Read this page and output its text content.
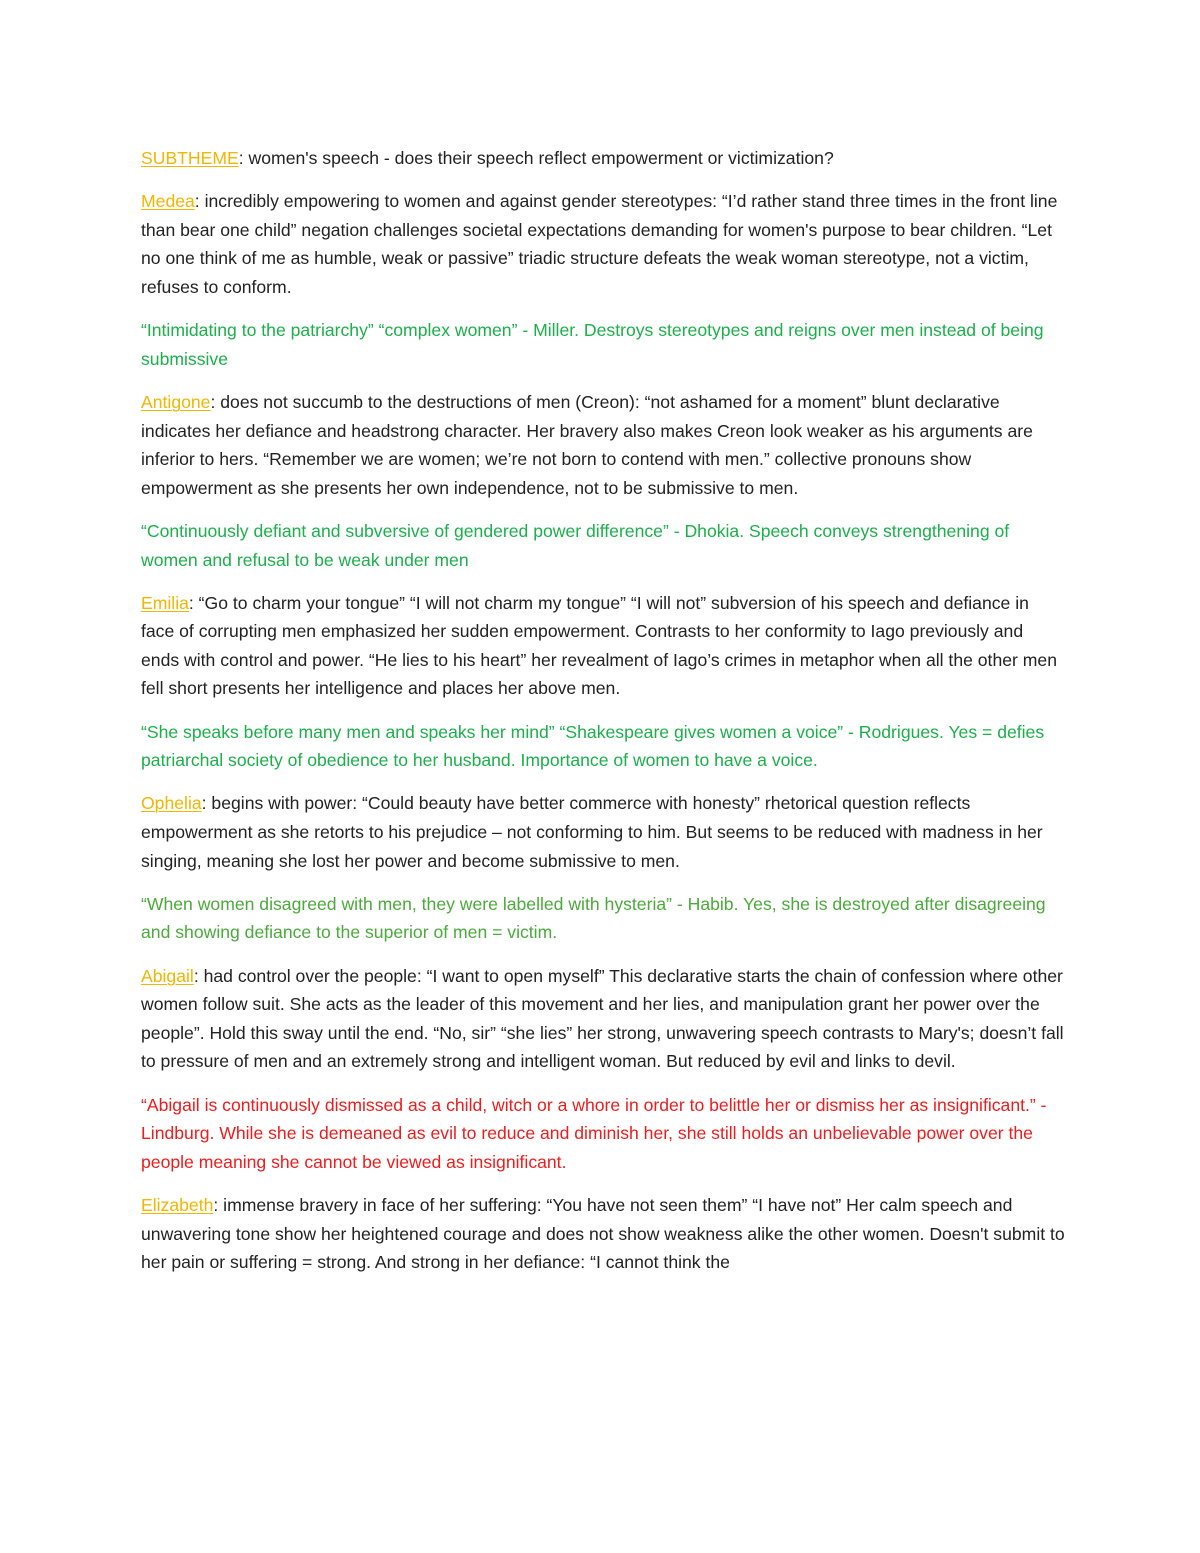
SUBTHEME: women's speech - does their speech reflect empowerment or victimization?

Medea: incredibly empowering to women and against gender stereotypes: “I’d rather stand three times in the front line than bear one child” negation challenges societal expectations demanding for women's purpose to bear children. “Let no one think of me as humble, weak or passive” triadic structure defeats the weak woman stereotype, not a victim, refuses to conform.

“Intimidating to the patriarchy” “complex women” - Miller. Destroys stereotypes and reigns over men instead of being submissive

Antigone: does not succumb to the destructions of men (Creon): “not ashamed for a moment” blunt declarative indicates her defiance and headstrong character. Her bravery also makes Creon look weaker as his arguments are inferior to hers. “Remember we are women; we’re not born to contend with men.” collective pronouns show empowerment as she presents her own independence, not to be submissive to men.

“Continuously defiant and subversive of gendered power difference” - Dhokia. Speech conveys strengthening of women and refusal to be weak under men

Emilia: “Go to charm your tongue” “I will not charm my tongue” “I will not” subversion of his speech and defiance in face of corrupting men emphasized her sudden empowerment. Contrasts to her conformity to Iago previously and ends with control and power. “He lies to his heart” her revealment of Iago’s crimes in metaphor when all the other men fell short presents her intelligence and places her above men.

“She speaks before many men and speaks her mind” “Shakespeare gives women a voice” - Rodrigues. Yes = defies patriarchal society of obedience to her husband. Importance of women to have a voice.

Ophelia: begins with power: “Could beauty have better commerce with honesty” rhetorical question reflects empowerment as she retorts to his prejudice – not conforming to him. But seems to be reduced with madness in her singing, meaning she lost her power and become submissive to men.

“When women disagreed with men, they were labelled with hysteria” - Habib. Yes, she is destroyed after disagreeing and showing defiance to the superior of men = victim.

Abigail: had control over the people: “I want to open myself” This declarative starts the chain of confession where other women follow suit. She acts as the leader of this movement and her lies, and manipulation grant her power over the people”. Hold this sway until the end. “No, sir” “she lies” her strong, unwavering speech contrasts to Mary's; doesn’t fall to pressure of men and an extremely strong and intelligent woman. But reduced by evil and links to devil.

“Abigail is continuously dismissed as a child, witch or a whore in order to belittle her or dismiss her as insignificant.” - Lindburg. While she is demeaned as evil to reduce and diminish her, she still holds an unbelievable power over the people meaning she cannot be viewed as insignificant.

Elizabeth: immense bravery in face of her suffering: “You have not seen them” “I have not” Her calm speech and unwavering tone show her heightened courage and does not show weakness alike the other women. Doesn't submit to her pain or suffering = strong. And strong in her defiance: “I cannot think the
